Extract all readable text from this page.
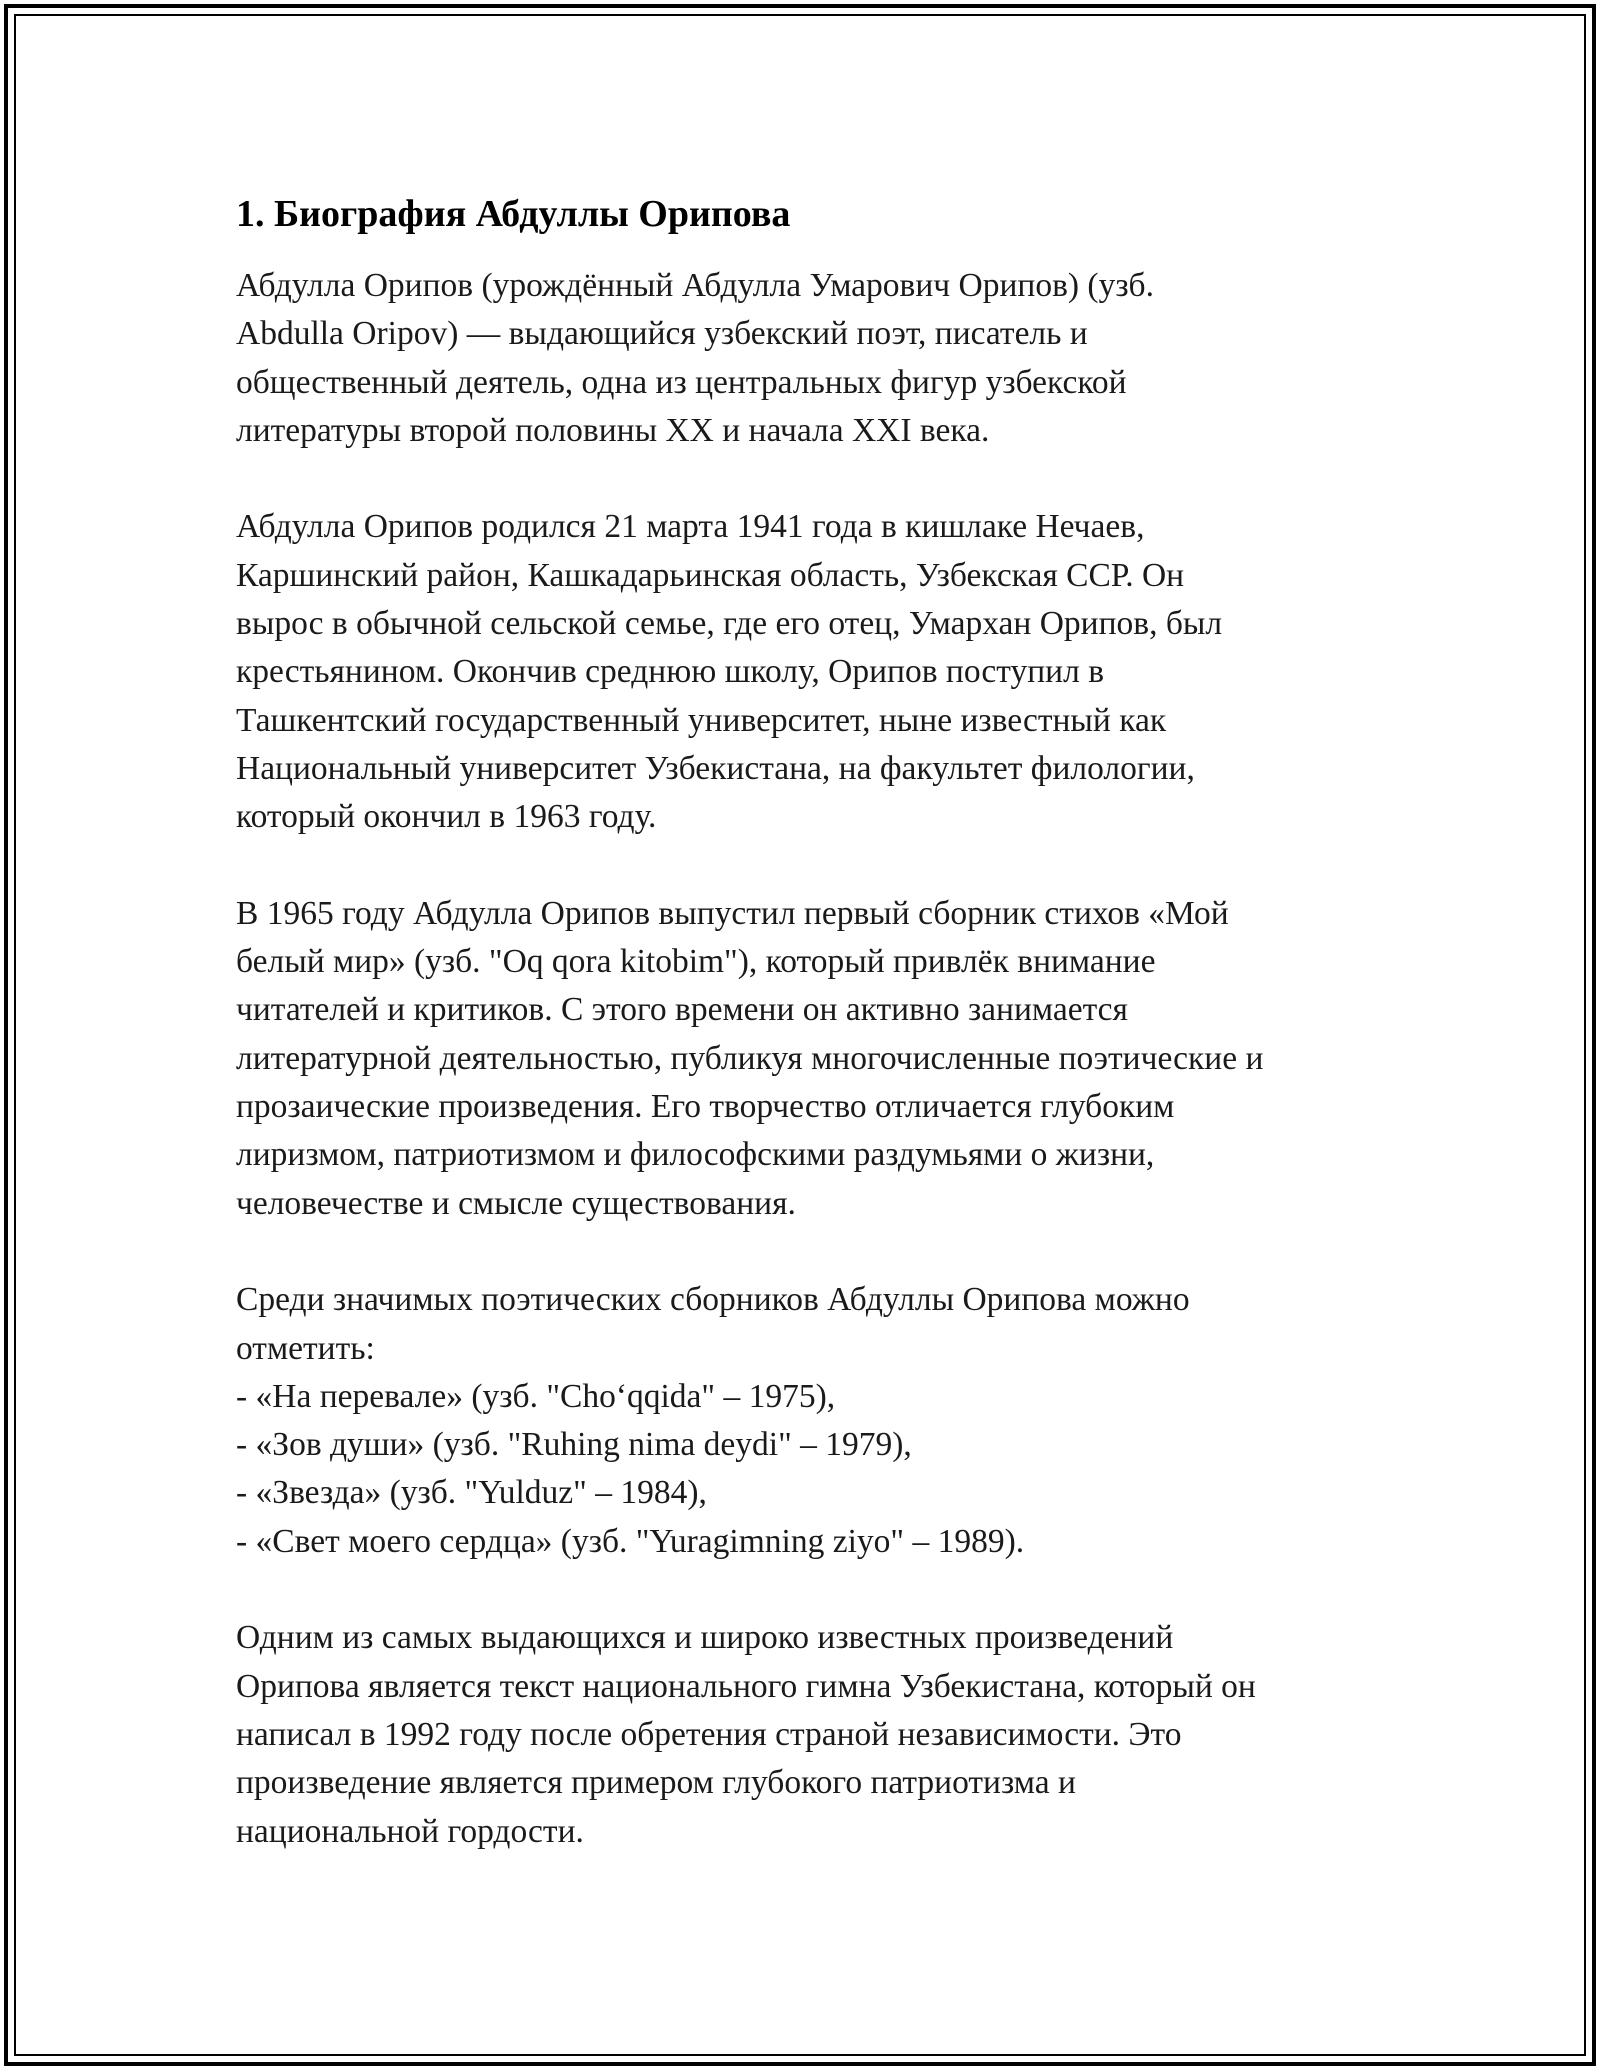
1. Биография Абдуллы Орипова

Абдулла Орипов (урождённый Абдулла Умарович Орипов) (узб.
Abdulla Oripov) — выдающийся узбекский поэт, писатель и
общественный деятель, одна из центральных фигур узбекской
литературы второй половины XX и начала XXI века.

Абдулла Орипов родился 21 марта 1941 года в кишлаке Нечаев,
Каршинский район, Кашкадарьинская область, Узбекская ССР. Он
вырос в обычной сельской семье, где его отец, Умархан Орипов, был
крестьянином. Окончив среднюю школу, Орипов поступил в
Ташкентский государственный университет, ныне известный как
Национальный университет Узбекистана, на факультет филологии,
который окончил в 1963 году.

В 1965 году Абдулла Орипов выпустил первый сборник стихов «Мой
белый мир» (узб. "Oq qora kitobim"), который привлёк внимание
читателей и критиков. С этого времени он активно занимается
литературной деятельностью, публикуя многочисленные поэтические и
прозаические произведения. Его творчество отличается глубоким
лиризмом, патриотизмом и философскими раздумьями о жизни,
человечестве и смысле существования.

Среди значимых поэтических сборников Абдуллы Орипова можно
отметить:
- «На перевале» (узб. "Cho‘qqida" – 1975),
- «Зов души» (узб. "Ruhing nima deydi" – 1979),
- «Звезда» (узб. "Yulduz" – 1984),
- «Свет моего сердца» (узб. "Yuragimning ziyo" – 1989).

Одним из самых выдающихся и широко известных произведений
Орипова является текст национального гимна Узбекистана, который он
написал в 1992 году после обретения страной независимости. Это
произведение является примером глубокого патриотизма и
национальной гордости.
